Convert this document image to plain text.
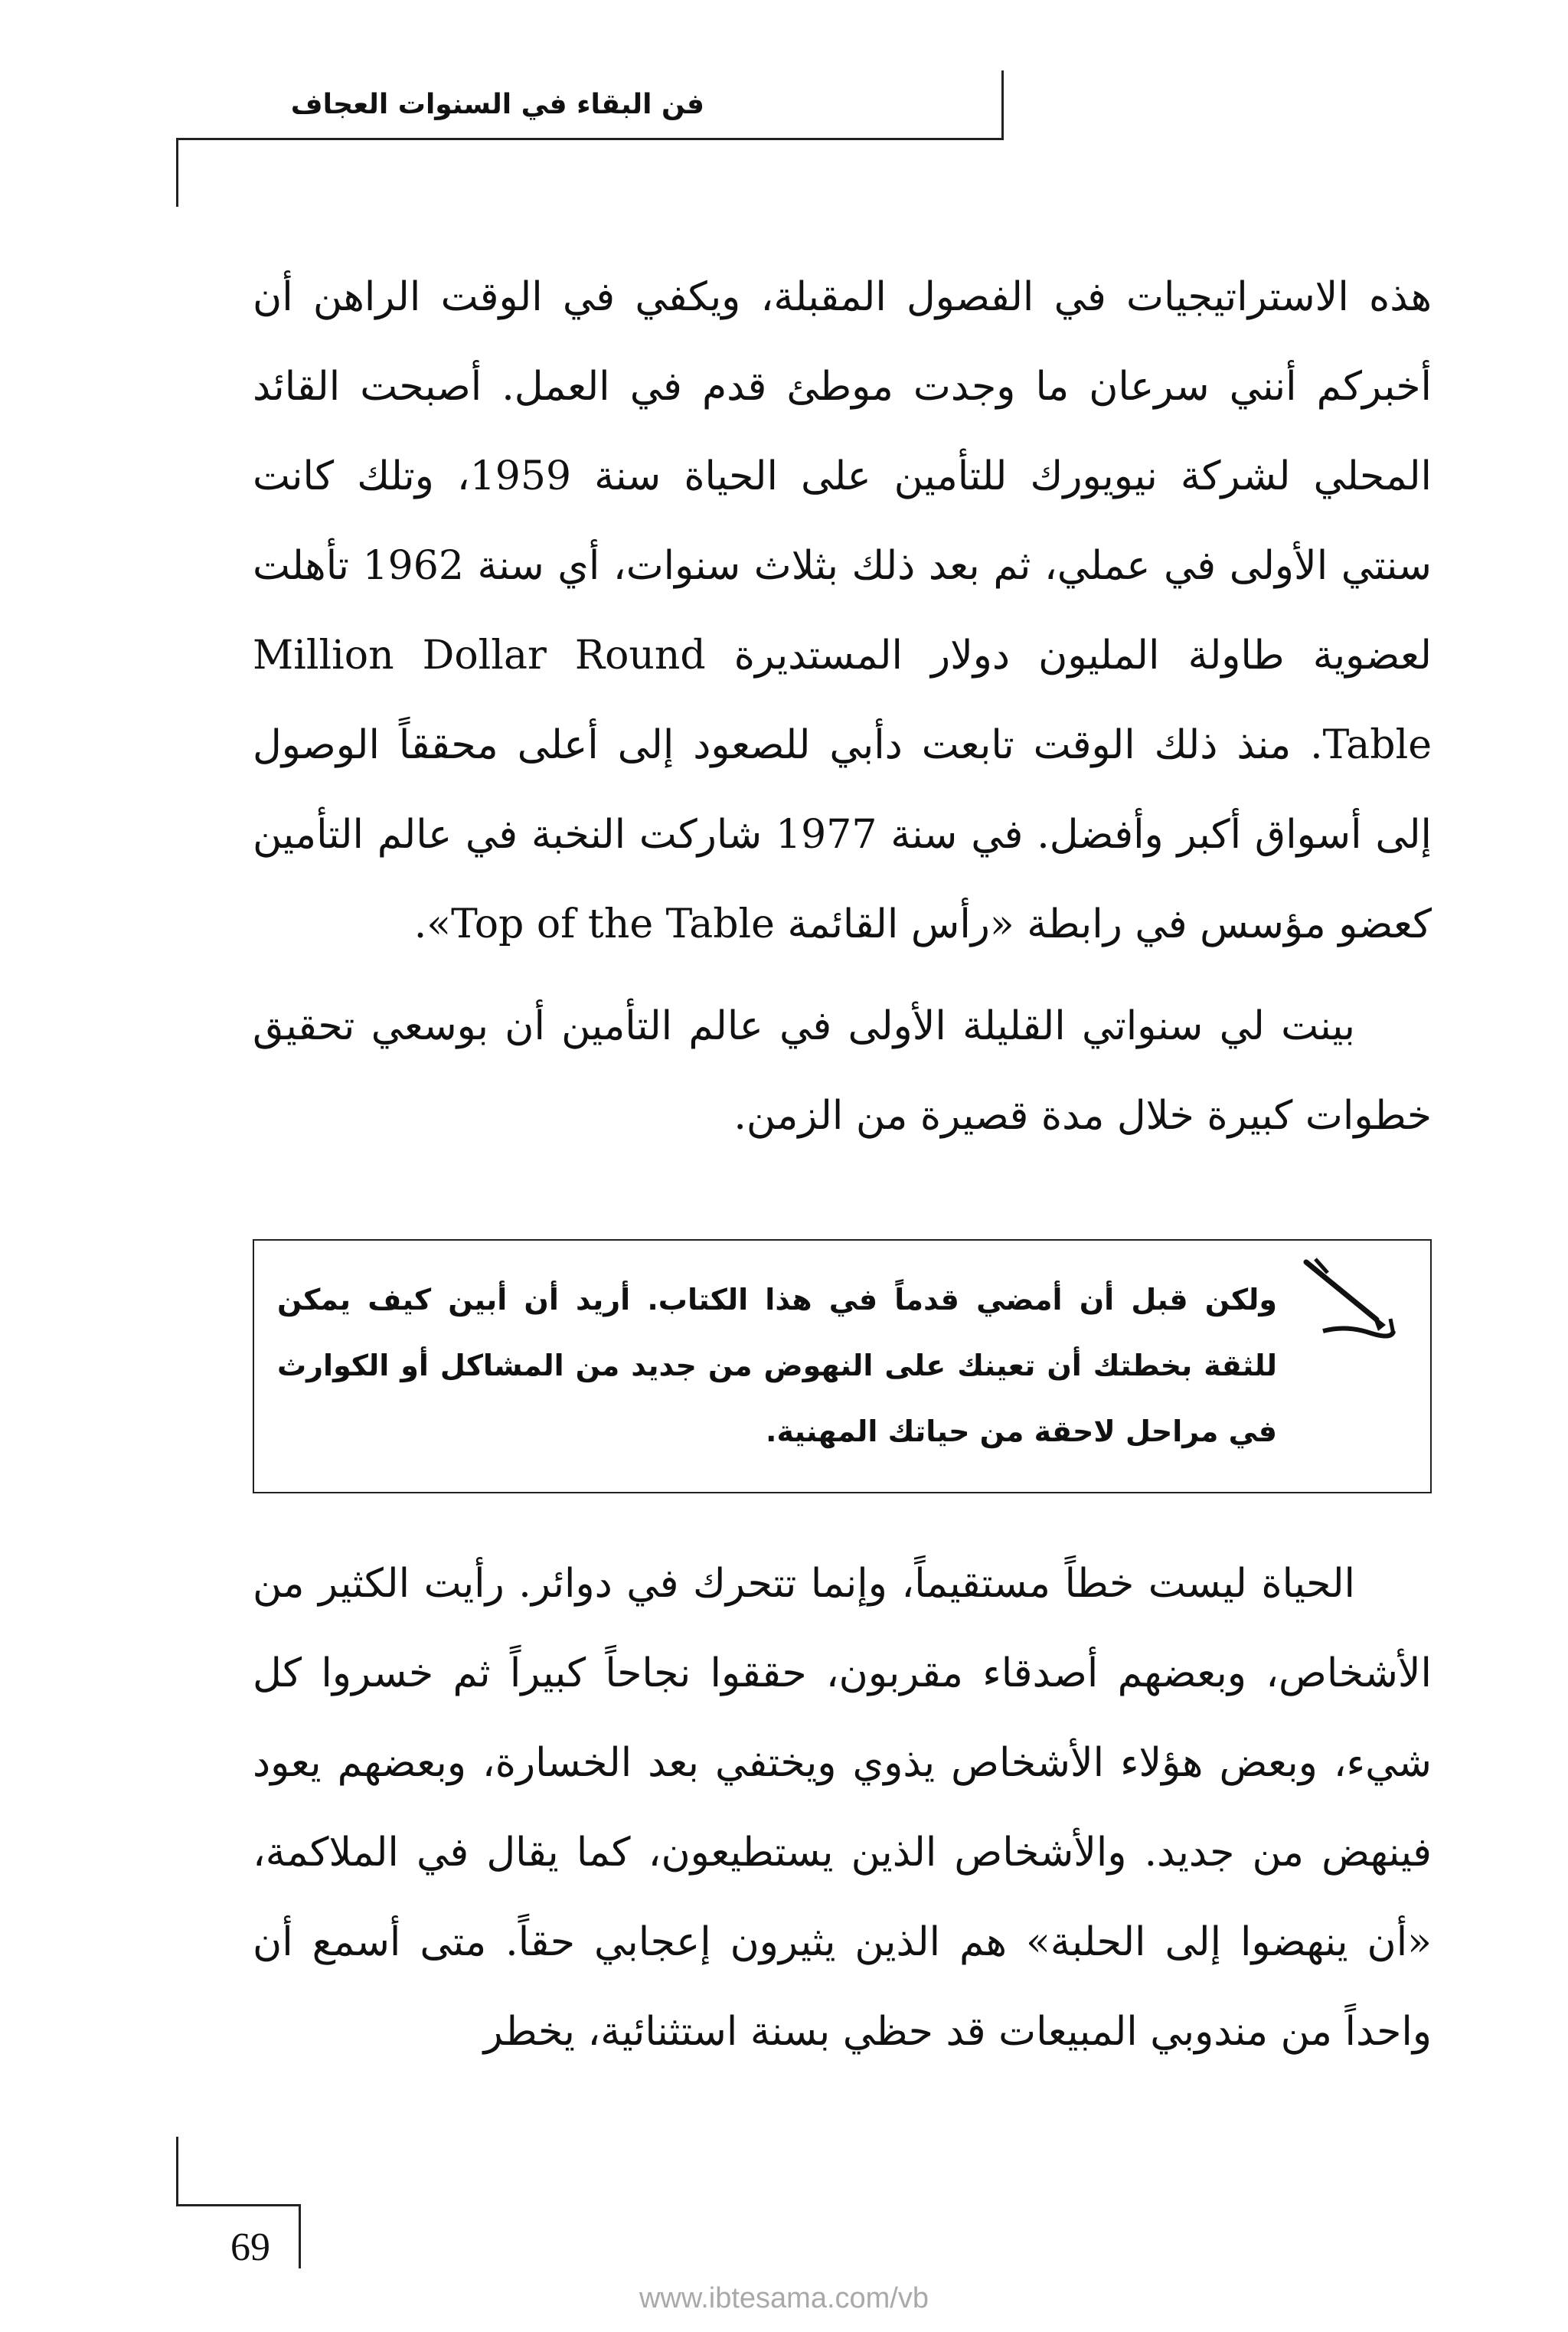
فن البقاء في السنوات العجاف

هذه الاستراتيجيات في الفصول المقبلة، ويكفي في الوقت الراهن أن أخبركم أنني سرعان ما وجدت موطئ قدم في العمل. أصبحت القائد المحلي لشركة نيويورك للتأمين على الحياة سنة 1959، وتلك كانت سنتي الأولى في عملي، ثم بعد ذلك بثلاث سنوات، أي سنة 1962 تأهلت لعضوية طاولة المليون دولار المستديرة Million Dollar Round Table. منذ ذلك الوقت تابعت دأبي للصعود إلى أعلى محققاً الوصول إلى أسواق أكبر وأفضل. في سنة 1977 شاركت النخبة في عالم التأمين كعضو مؤسس في رابطة «رأس القائمة Top of the Table».

بينت لي سنواتي القليلة الأولى في عالم التأمين أن بوسعي تحقيق خطوات كبيرة خلال مدة قصيرة من الزمن.

ولكن قبل أن أمضي قدماً في هذا الكتاب. أريد أن أبين كيف يمكن للثقة بخطتك أن تعينك على النهوض من جديد من المشاكل أو الكوارث في مراحل لاحقة من حياتك المهنية.

الحياة ليست خطاً مستقيماً، وإنما تتحرك في دوائر. رأيت الكثير من الأشخاص، وبعضهم أصدقاء مقربون، حققوا نجاحاً كبيراً ثم خسروا كل شيء، وبعض هؤلاء الأشخاص يذوي ويختفي بعد الخسارة، وبعضهم يعود فينهض من جديد. والأشخاص الذين يستطيعون، كما يقال في الملاكمة، «أن ينهضوا إلى الحلبة» هم الذين يثيرون إعجابي حقاً. متى أسمع أن واحداً من مندوبي المبيعات قد حظي بسنة استثنائية، يخطر

69
www.ibtesama.com/vb
